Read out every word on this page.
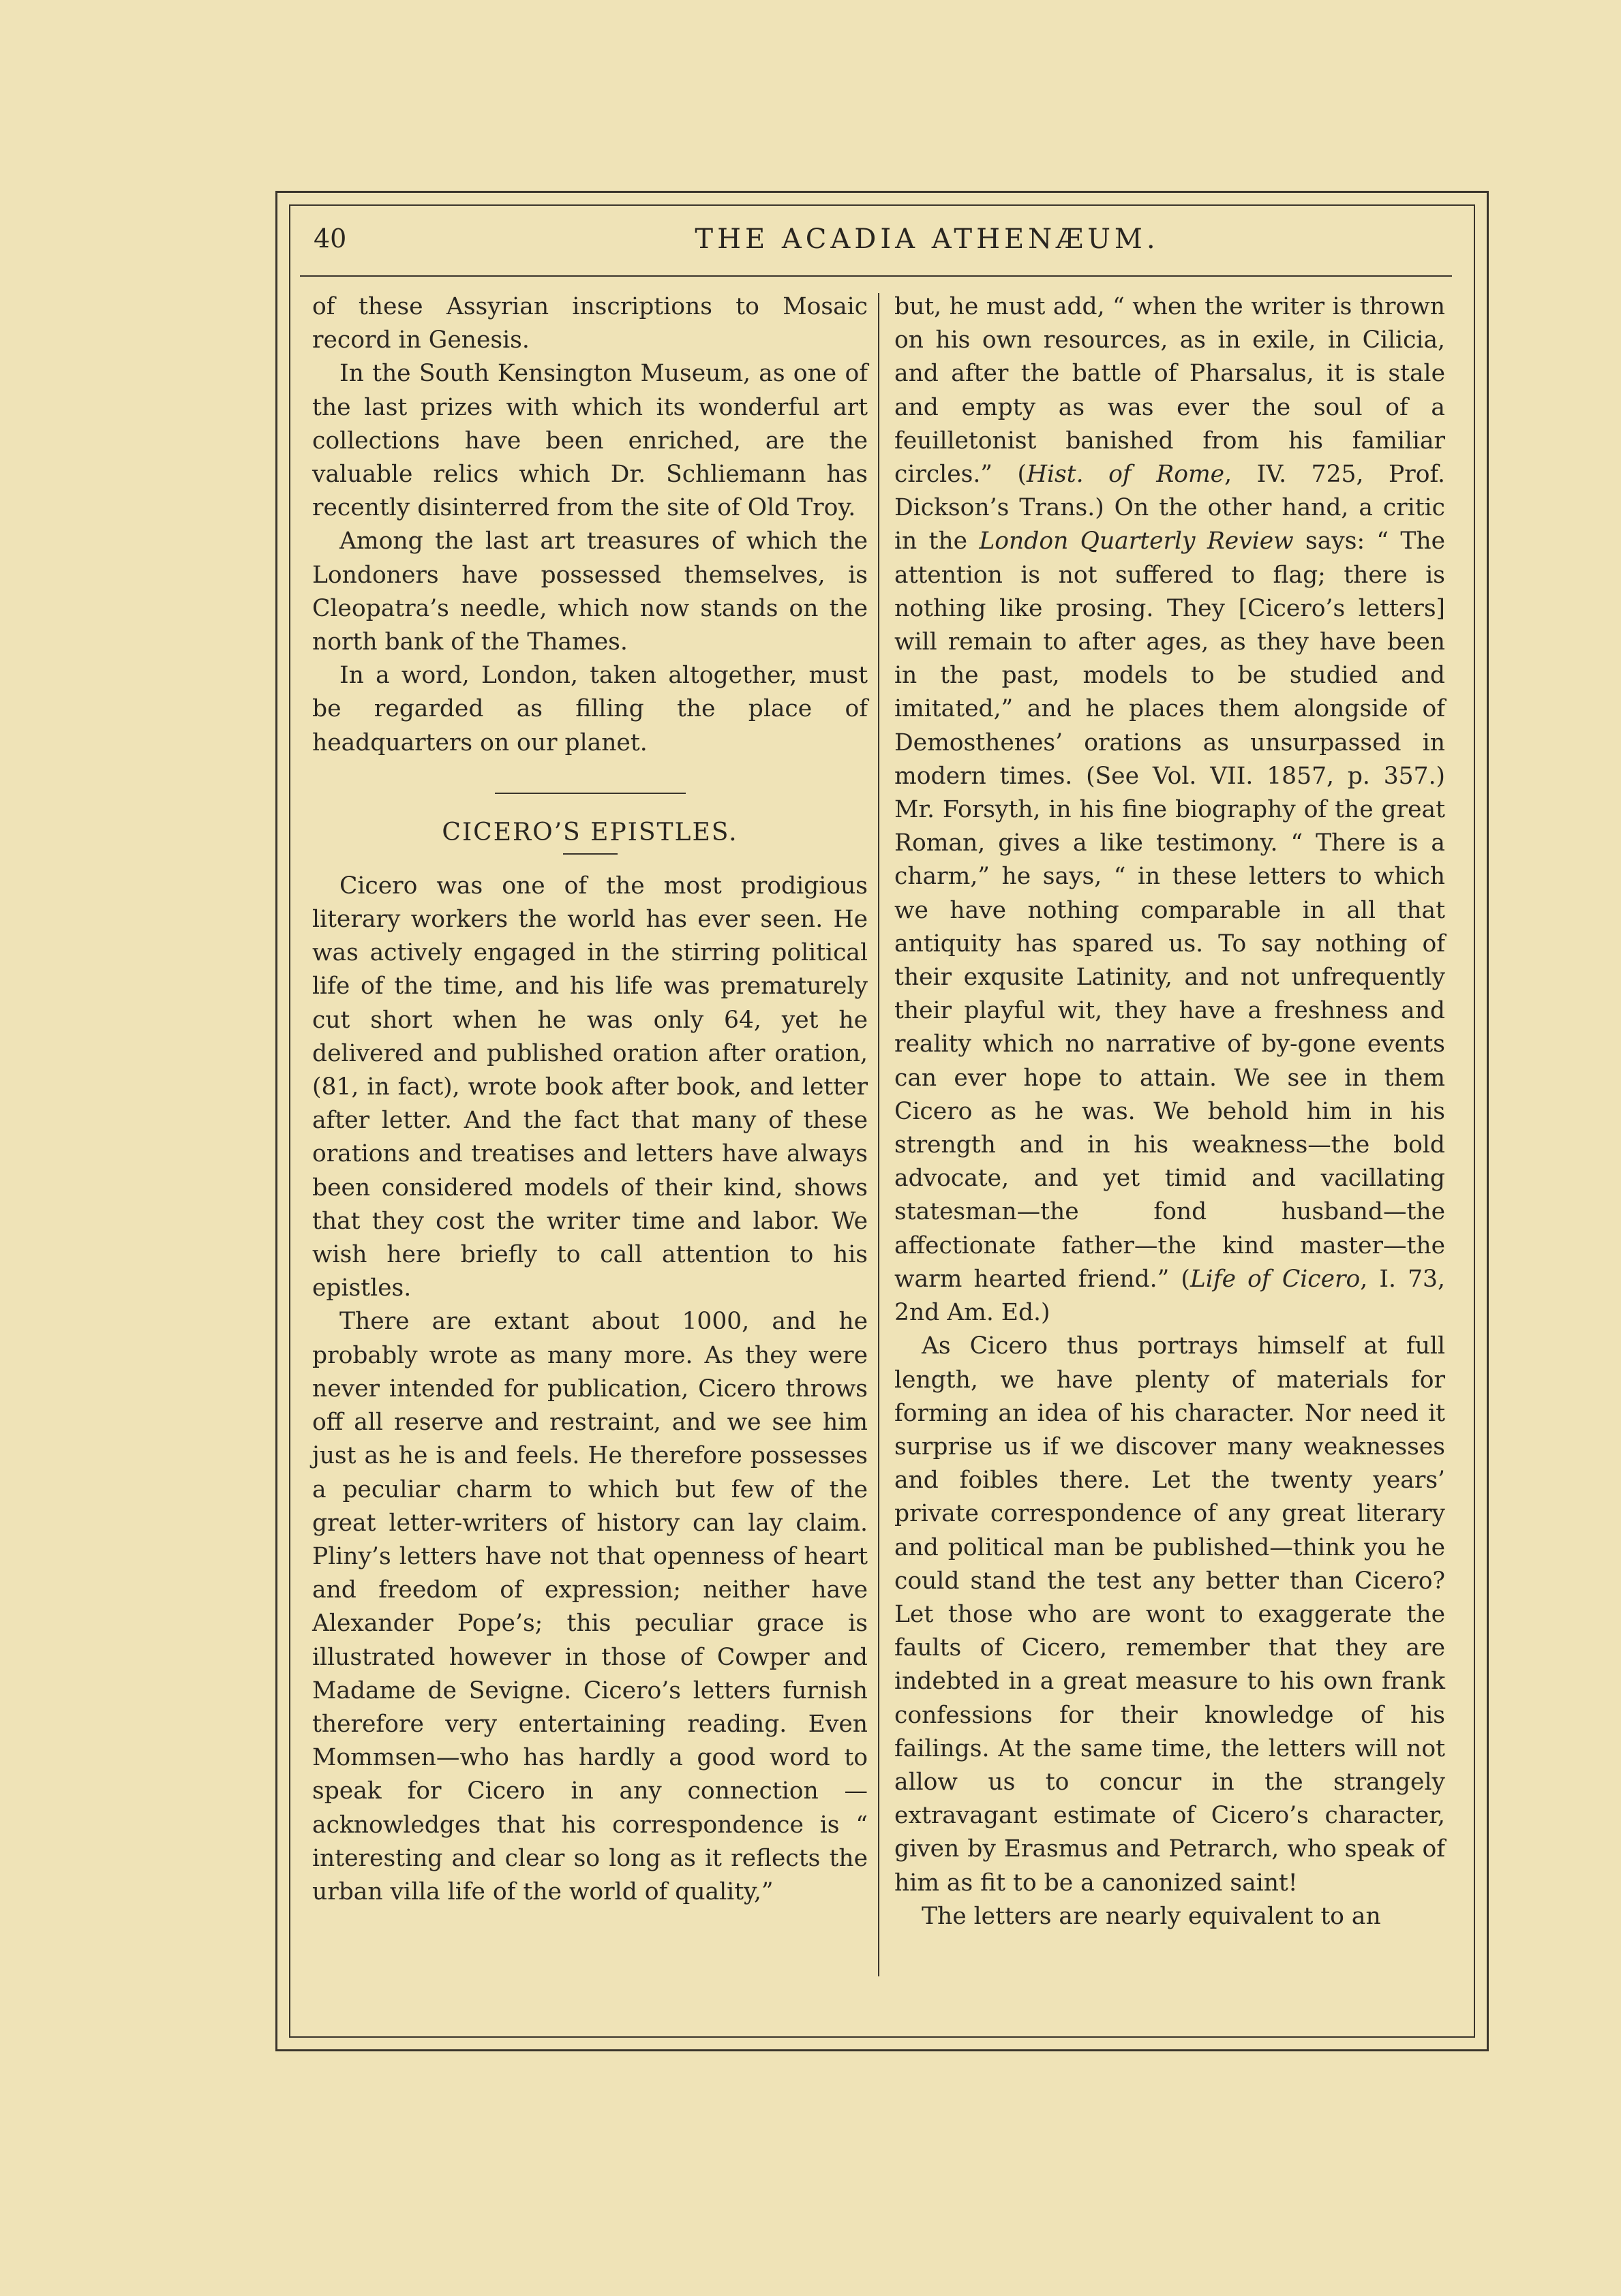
40	THE ACADIA ATHENÆUM.

of these Assyrian inscriptions to Mosaic record in Genesis.

In the South Kensington Museum, as one of the last prizes with which its wonderful art collections have been enriched, are the valuable relics which Dr. Schliemann has recently disinterred from the site of Old Troy.

Among the last art treasures of which the Londoners have possessed themselves, is Cleopatra’s needle, which now stands on the north bank of the Thames.

In a word, London, taken altogether, must be regarded as filling the place of headquarters on our planet.

CICERO’S EPISTLES.

Cicero was one of the most prodigious literary workers the world has ever seen. He was actively engaged in the stirring political life of the time, and his life was prematurely cut short when he was only 64, yet he delivered and published oration after oration, (81, in fact), wrote book after book, and letter after letter. And the fact that many of these orations and treatises and letters have always been considered models of their kind, shows that they cost the writer time and labor. We wish here briefly to call attention to his epistles.

There are extant about 1000, and he probably wrote as many more. As they were never intended for publication, Cicero throws off all reserve and restraint, and we see him just as he is and feels. He therefore possesses a peculiar charm to which but few of the great letter-writers of history can lay claim. Pliny’s letters have not that openness of heart and freedom of expression; neither have Alexander Pope’s; this peculiar grace is illustrated however in those of Cowper and Madame de Sevigne. Cicero’s letters furnish therefore very entertaining reading. Even Mommsen—who has hardly a good word to speak for Cicero in any connection —acknowledges that his correspondence is “ interesting and clear so long as it reflects the urban villa life of the world of quality,”

but, he must add, “ when the writer is thrown on his own resources, as in exile, in Cilicia, and after the battle of Pharsalus, it is stale and empty as was ever the soul of a feuilletonist banished from his familiar circles.” (Hist. of Rome, IV. 725, Prof. Dickson’s Trans.) On the other hand, a critic in the London Quarterly Review says: “ The attention is not suffered to flag; there is nothing like prosing. They [Cicero’s letters] will remain to after ages, as they have been in the past, models to be studied and imitated,” and he places them alongside of Demosthenes’ orations as unsurpassed in modern times. (See Vol. VII. 1857, p. 357.) Mr. Forsyth, in his fine biography of the great Roman, gives a like testimony. “ There is a charm,” he says, “ in these letters to which we have nothing comparable in all that antiquity has spared us. To say nothing of their exqusite Latinity, and not unfrequently their playful wit, they have a freshness and reality which no narrative of by-gone events can ever hope to attain. We see in them Cicero as he was. We behold him in his strength and in his weakness—the bold advocate, and yet timid and vacillating statesman—the fond husband—the affectionate father—the kind master—the warm hearted friend.” (Life of Cicero, I. 73, 2nd Am. Ed.)

As Cicero thus portrays himself at full length, we have plenty of materials for forming an idea of his character. Nor need it surprise us if we discover many weaknesses and foibles there. Let the twenty years’ private correspondence of any great literary and political man be published—think you he could stand the test any better than Cicero? Let those who are wont to exaggerate the faults of Cicero, remember that they are indebted in a great measure to his own frank confessions for their knowledge of his failings. At the same time, the letters will not allow us to concur in the strangely extravagant estimate of Cicero’s character, given by Erasmus and Petrarch, who speak of him as fit to be a canonized saint!

The letters are nearly equivalent to an
